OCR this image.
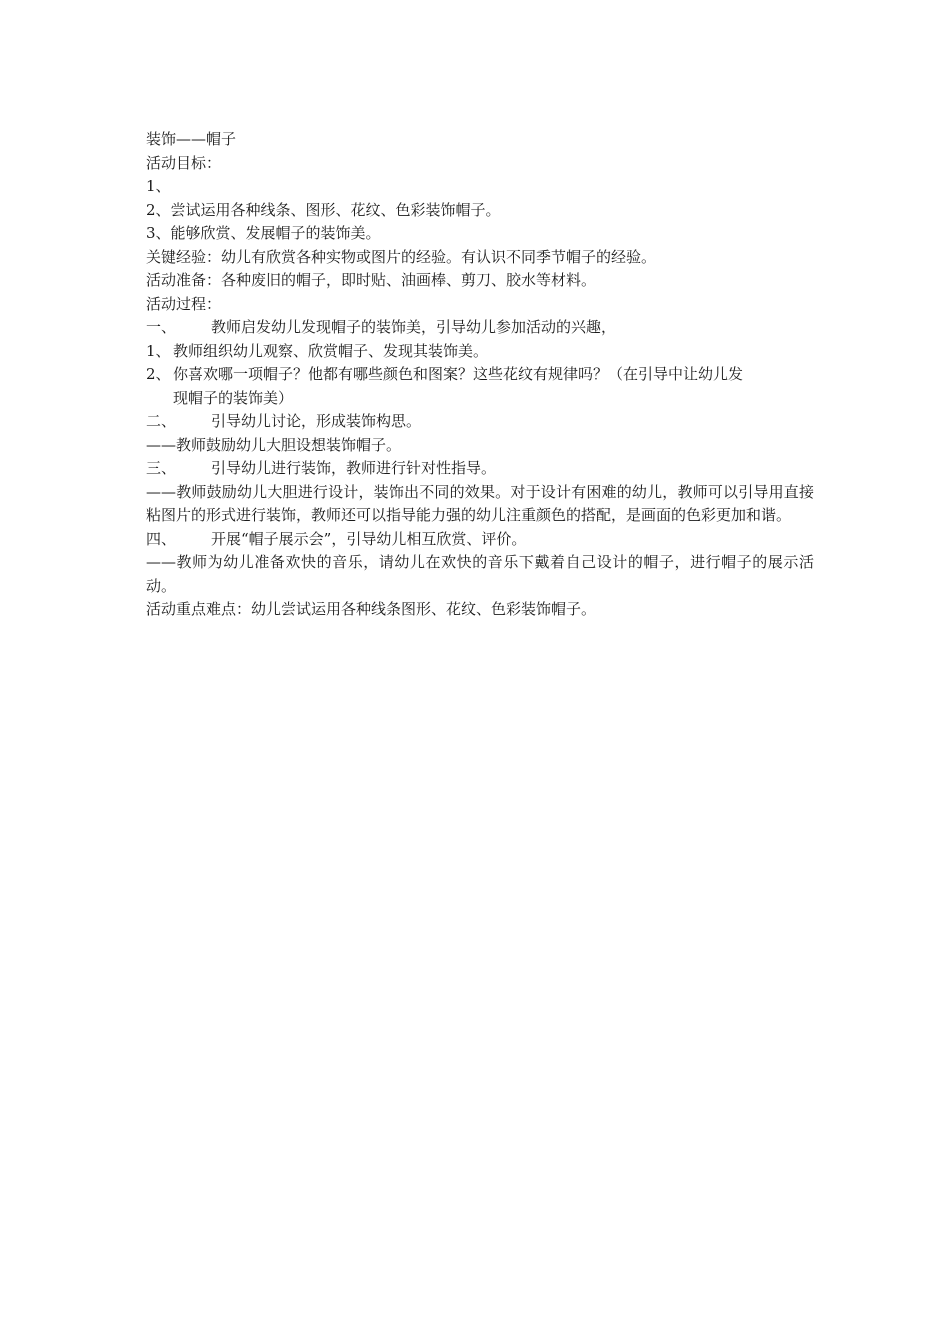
装饰——帽子
活动目标：
1、
2、尝试运用各种线条、图形、花纹、色彩装饰帽子。
3、能够欣赏、发展帽子的装饰美。
关键经验：幼儿有欣赏各种实物或图片的经验。有认识不同季节帽子的经验。
活动准备：各种废旧的帽子，即时贴、油画棒、剪刀、胶水等材料。
活动过程：
一、 教师启发幼儿发现帽子的装饰美，引导幼儿参加活动的兴趣，
1、 教师组织幼儿观察、欣赏帽子、发现其装饰美。
2、 你喜欢哪一项帽子？他都有哪些颜色和图案？这些花纹有规律吗？（在引导中让幼儿发
现帽子的装饰美）
二、 引导幼儿讨论，形成装饰构思。
——教师鼓励幼儿大胆设想装饰帽子。
三、 引导幼儿进行装饰，教师进行针对性指导。
——教师鼓励幼儿大胆进行设计，装饰出不同的效果。对于设计有困难的幼儿，教师可以引导用直接粘图片的形式进行装饰，教师还可以指导能力强的幼儿注重颜色的搭配，是画面的色彩更加和谐。
四、 开展“帽子展示会”，引导幼儿相互欣赏、评价。
——教师为幼儿准备欢快的音乐，请幼儿在欢快的音乐下戴着自己设计的帽子，进行帽子的展示活动。
活动重点难点：幼儿尝试运用各种线条图形、花纹、色彩装饰帽子。
